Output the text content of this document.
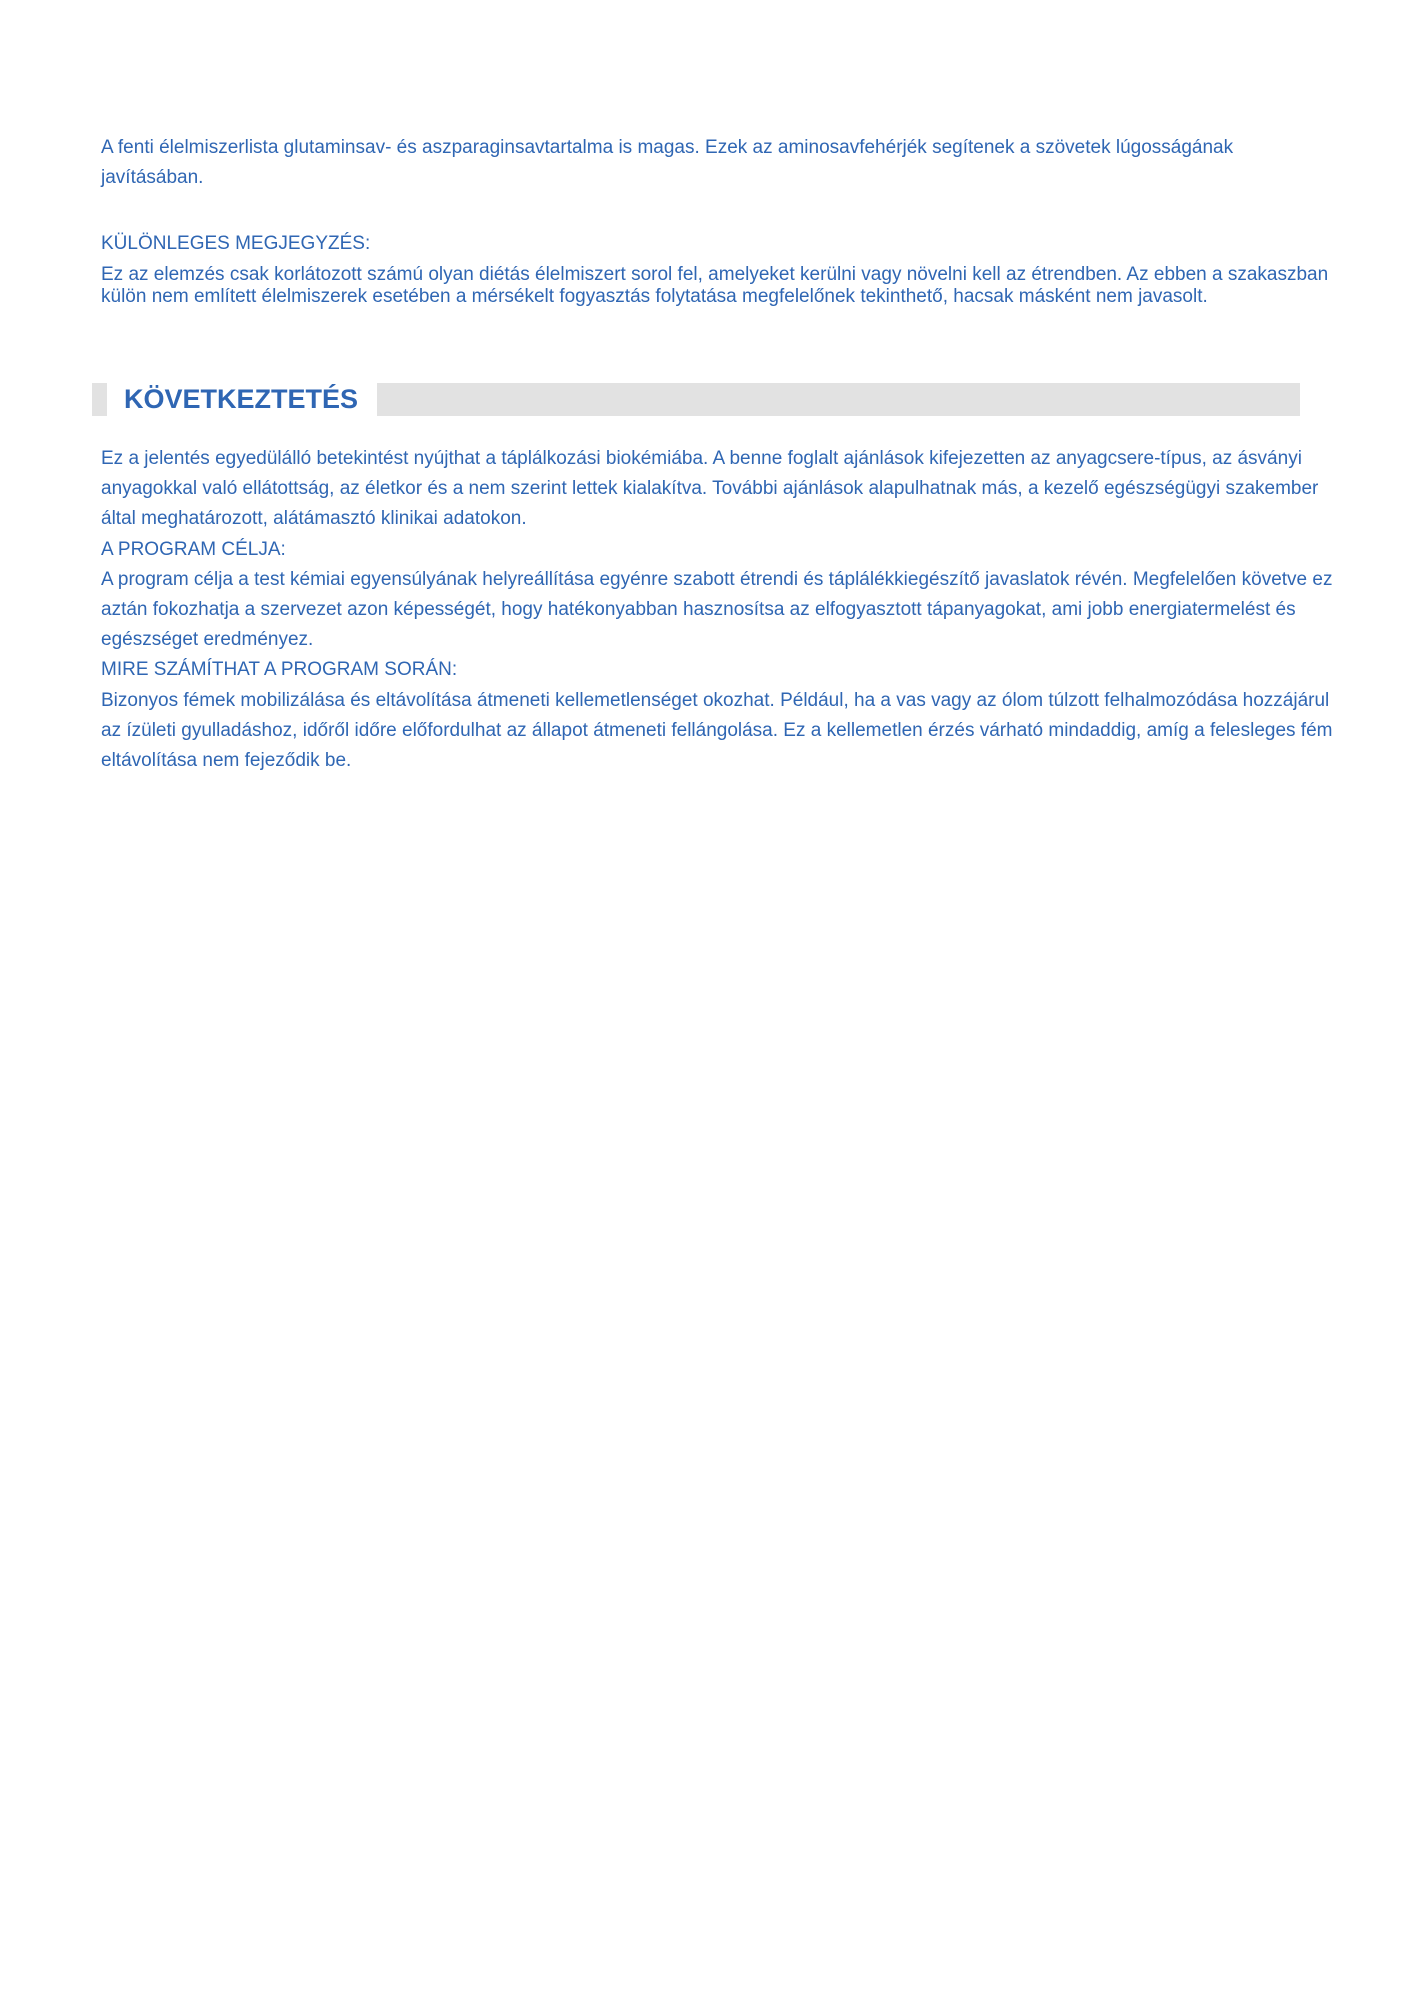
A fenti élelmiszerlista glutaminsav- és aszparaginsavtartalma is magas. Ezek az aminosavfehérjék segítenek a szövetek lúgosságának javításában.

KÜLÖNLEGES MEGJEGYZÉS:

Ez az elemzés csak korlátozott számú olyan diétás élelmiszert sorol fel, amelyeket kerülni vagy növelni kell az étrendben. Az ebben a szakaszban külön nem említett élelmiszerek esetében a mérsékelt fogyasztás folytatása megfelelőnek tekinthető, hacsak másként nem javasolt.

KÖVETKEZTETÉS

Ez a jelentés egyedülálló betekintést nyújthat a táplálkozási biokémiába. A benne foglalt ajánlások kifejezetten az anyagcsere-típus, az ásványi anyagokkal való ellátottság, az életkor és a nem szerint lettek kialakítva. További ajánlások alapulhatnak más, a kezelő egészségügyi szakember által meghatározott, alátámasztó klinikai adatokon.

A PROGRAM CÉLJA:

A program célja a test kémiai egyensúlyának helyreállítása egyénre szabott étrendi és táplálékkiegészítő javaslatok révén. Megfelelően követve ez aztán fokozhatja a szervezet azon képességét, hogy hatékonyabban hasznosítsa az elfogyasztott tápanyagokat, ami jobb energiatermelést és egészséget eredményez.

MIRE SZÁMÍTHAT A PROGRAM SORÁN:

Bizonyos fémek mobilizálása és eltávolítása átmeneti kellemetlenséget okozhat. Például, ha a vas vagy az ólom túlzott felhalmozódása hozzájárul az ízületi gyulladáshoz, időről időre előfordulhat az állapot átmeneti fellángolása. Ez a kellemetlen érzés várható mindaddig, amíg a felesleges fém eltávolítása nem fejeződik be.
